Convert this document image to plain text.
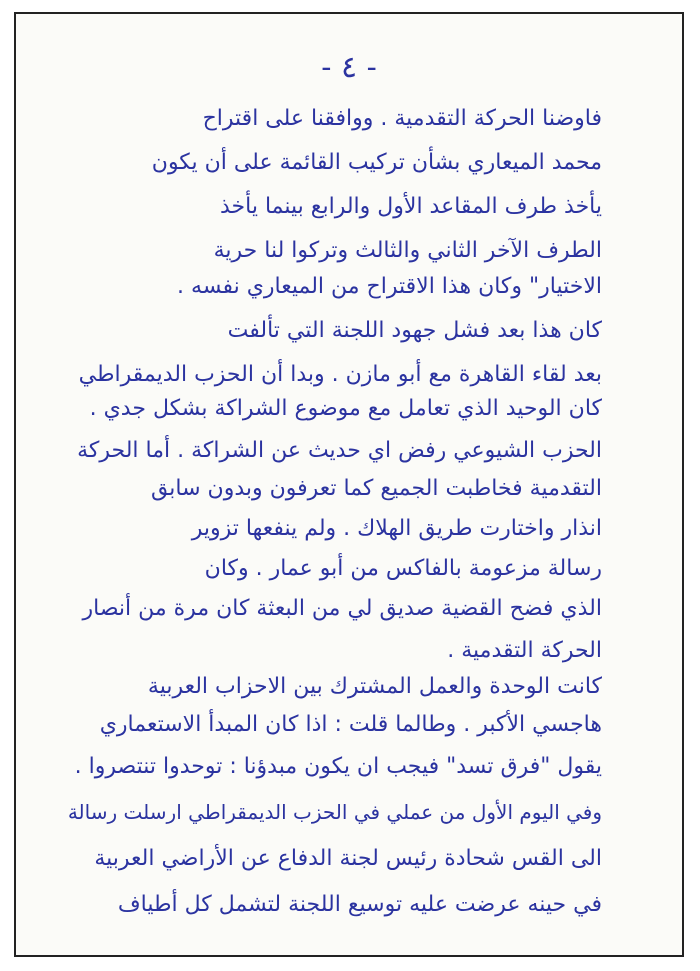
- ٤ -
فاوضنا الحركة التقدمية . ووافقنا على اقتراح
محمد الميعاري بشأن تركيب القائمة على أن يكون
يأخذ طرف المقاعد الأول والرابع بينما يأخذ
الطرف الآخر الثاني والثالث وتركوا لنا حرية
الاختيار" وكان هذا الاقتراح من الميعاري نفسه .
كان هذا بعد فشل جهود اللجنة التي تألفت
بعد لقاء القاهرة مع أبو مازن . وبدا أن الحزب الديمقراطي
كان الوحيد الذي تعامل مع موضوع الشراكة بشكل جدي .
الحزب الشيوعي رفض اي حديث عن الشراكة . أما الحركة
التقدمية فخاطبت الجميع كما تعرفون وبدون سابق
انذار واختارت طريق الهلاك . ولم ينفعها تزوير
رسالة مزعومة بالفاكس من أبو عمار . وكان
الذي فضح القضية صديق لي من البعثة كان مرة من أنصار
الحركة التقدمية .
كانت الوحدة والعمل المشترك بين الاحزاب العربية
هاجسي الأكبر . وطالما قلت : اذا كان المبدأ الاستعماري
يقول "فرق تسد" فيجب ان يكون مبدؤنا : توحدوا تنتصروا .
وفي اليوم الأول من عملي في الحزب الديمقراطي ارسلت رسالة
الى القس شحادة رئيس لجنة الدفاع عن الأراضي العربية
في حينه عرضت عليه توسيع اللجنة لتشمل كل أطياف
